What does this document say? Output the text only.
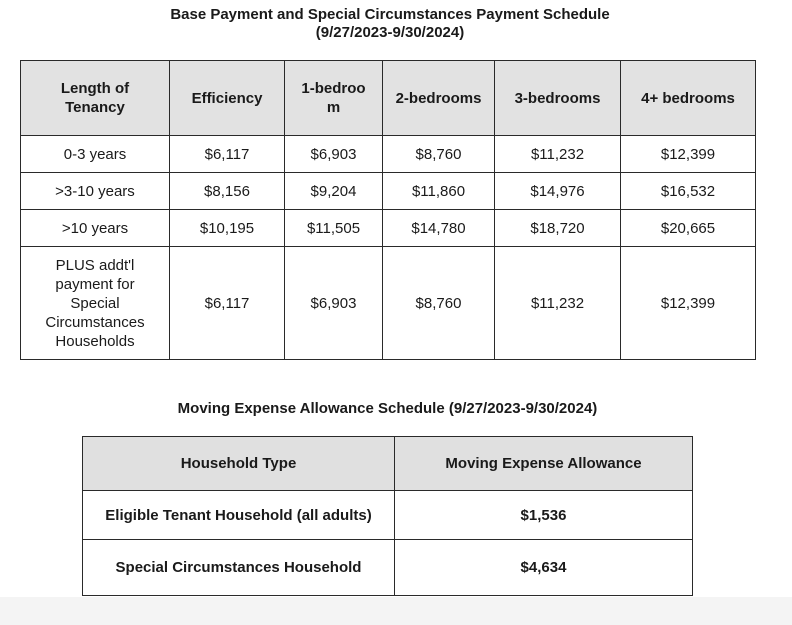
Base Payment and Special Circumstances Payment Schedule
(9/27/2023-9/30/2024)
Length of Tenancy	Efficiency	1-bedroom	2-bedrooms	3-bedrooms	4+ bedrooms
0-3 years	$6,117	$6,903	$8,760	$11,232	$12,399
>3-10 years	$8,156	$9,204	$11,860	$14,976	$16,532
>10 years	$10,195	$11,505	$14,780	$18,720	$20,665

PLUS addt'l payment for Special Circumstances Households	$6,117	$6,903	$8,760	$11,232	$12,399
Moving Expense Allowance Schedule (9/27/2023-9/30/2024)
Household Type	Moving Expense Allowance
Eligible Tenant Household (all adults)	$1,536
Special Circumstances Household	$4,634
